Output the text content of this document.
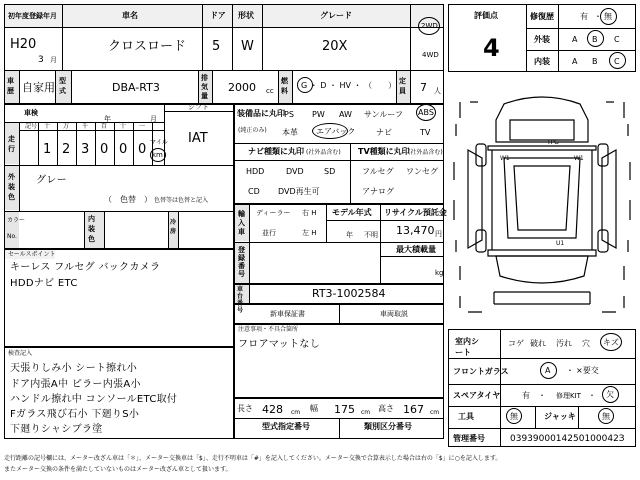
初年度登録年月
H20
3 月
車名
クロスロード
ドア
5
形状
W
グレード
20X
2WD
4WD
車歴 自家用 型式	DBA-RT3
排気量
2000 cc
燃料
G ・ D ・ HV ・ （　　） 定員 7 人
車検
年	月
シフト
IAT
走行
記号 十 万 千 百 十 一
1 2 3 0 0 0 マイル
km
外装色
グレー
（　色替　） 色替等は色替と記入
カラー
No.
内装色
冷房
装備品に丸印
(純正のみ)
PS PW AW サンルーフ ABS
本革 エアバック	ナビ	TV
ナビ種類に丸印 (社外品含む)
HDD	DVD	SD
CD DVD再生可
TV種類に丸印
(社外品含む)
フルセグ ワンセグ
アナログ
輸入車
ディーラー
並行
右 H
左 H
モデル年式
年 不明
リサイクル預託金
13,470 円
登録番号
最大積載量
kg
セールスポイント
キーレス フルセグ バックカメラ
HDDナビ ETC
車台番号
RT3-1002584
新車保証書	車両取説
注意事項・不具合箇所
フロアマットなし
検査記入
天張りしみ小 シート擦れ小
ドア内張A中 ピラー内張A小
ハンドル擦れ中 コンソールETC取付
Fガラス飛び石小 下廻りS小
下廻りシャシブラ塗
長さ 428 cm 幅 175 cm 高さ 167 cm
型式指定番号	類別区分番号
評価点
4
修復歴	有 ・ 無
外装	A B C
内装	A B C
H'G
W1	W1
U1
室内シート
コゲ 破れ 汚れ 穴 キズ
フロントガラス	A ・ ×要交
スペアタイヤ	有 ・ 修理KIT ・ 欠
工具	無	ジャッキ	無
管理番号	0393900014250100042З
走行距離の記号欄には、メーター改ざん車は「＊」、メーター交換車は「$」、走行不明車は「#」を記入してください。メーター交換で合算表示した場合は右の「$」に○を記入します。
またメーター交換の条件を満たしていないものはメーター改ざん車として扱います。
